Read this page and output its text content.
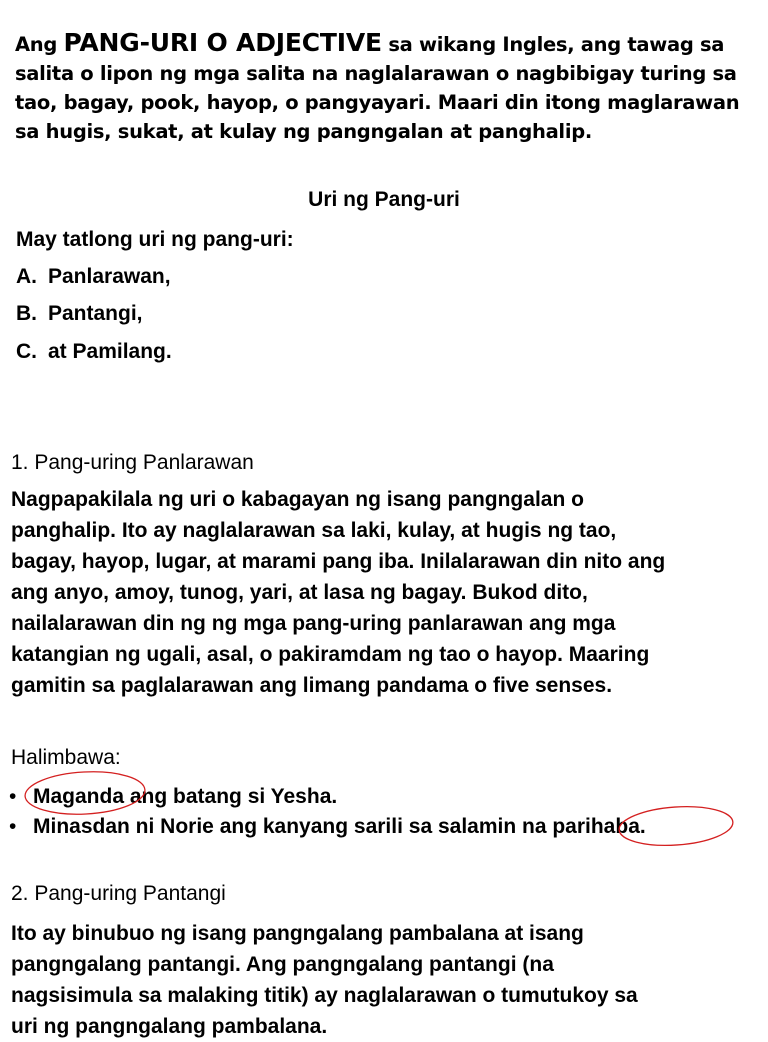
Ang PANG-URI O ADJECTIVE sa wikang Ingles, ang tawag sa salita o lipon ng mga salita na naglalarawan o nagbibigay turing sa tao, bagay, pook, hayop, o pangyayari. Maari din itong maglarawan sa hugis, sukat, at kulay ng pangngalan at panghalip.
Uri ng Pang-uri
May tatlong uri ng pang-uri:
A. Panlarawan,
B. Pantangi,
C. at Pamilang.
1. Pang-uring Panlarawan
Nagpapakilala ng uri o kabagayan ng isang pangngalan o
panghalip. Ito ay naglalarawan sa laki, kulay, at hugis ng tao,
bagay, hayop, lugar, at marami pang iba. Inilalarawan din nito ang
ang anyo, amoy, tunog, yari, at lasa ng bagay. Bukod dito,
nailalarawan din ng ng mga pang-uring panlarawan ang mga
katangian ng ugali, asal, o pakiramdam ng tao o hayop. Maaring
gamitin sa paglalarawan ang limang pandama o five senses.
Halimbawa:
• Maganda ang batang si Yesha.
• Minasdan ni Norie ang kanyang sarili sa salamin na parihaba.
2. Pang-uring Pantangi
Ito ay binubuo ng isang pangngalang pambalana at isang
pangngalang pantangi. Ang pangngalang pantangi (na
nagsisimula sa malaking titik) ay naglalarawan o tumutukoy sa
uri ng pangngalang pambalana.
